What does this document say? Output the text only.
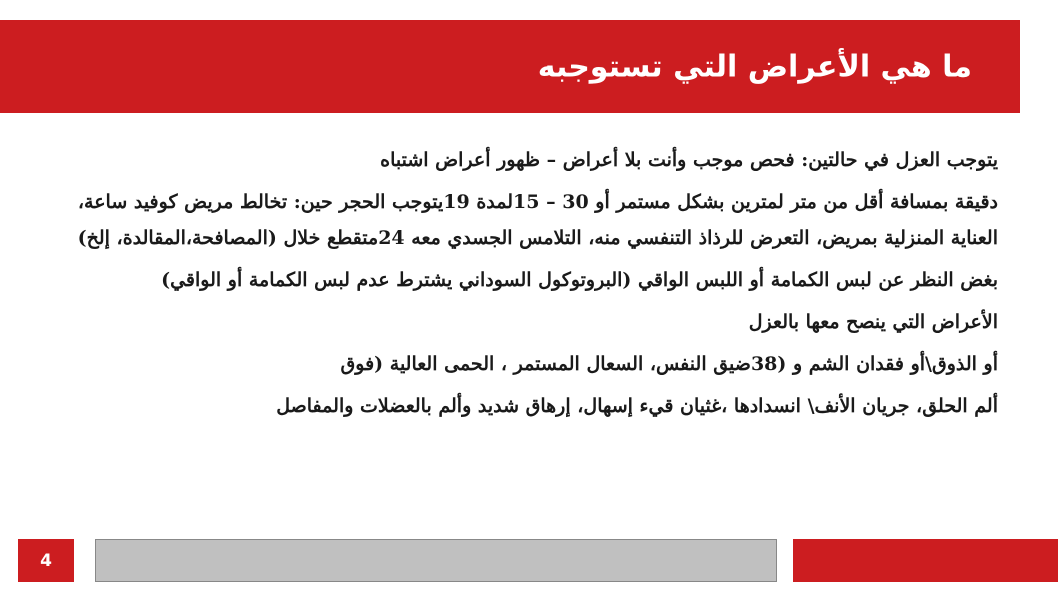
ما هي الأعراض التي تستوجبه

يتوجب العزل في حالتين: فحص موجب وأنت بلا أعراض – ظهور أعراض اشتباه

دقيقة بمسافة أقل من متر لمترين بشكل مستمر أو 30 – 15لمدة 19يتوجب الحجر حين: تخالط مريض كوفيد ساعة، العناية المنزلية بمريض، التعرض للرذاذ التنفسي منه، التلامس الجسدي معه 24متقطع خلال (المصافحة،المقالدة، إلخ)

بغض النظر عن لبس الكمامة أو اللبس الواقي (البروتوكول السوداني يشترط عدم لبس الكمامة أو الواقي)

الأعراض التي ينصح معها بالعزل

أو الذوق\أو فقدان الشم و (38ضيق النفس، السعال المستمر ، الحمى العالية (فوق

ألم الحلق، جريان الأنف\ انسدادها ،غثيان قيء إسهال، إرهاق شديد وألم بالعضلات والمفاصل

4
